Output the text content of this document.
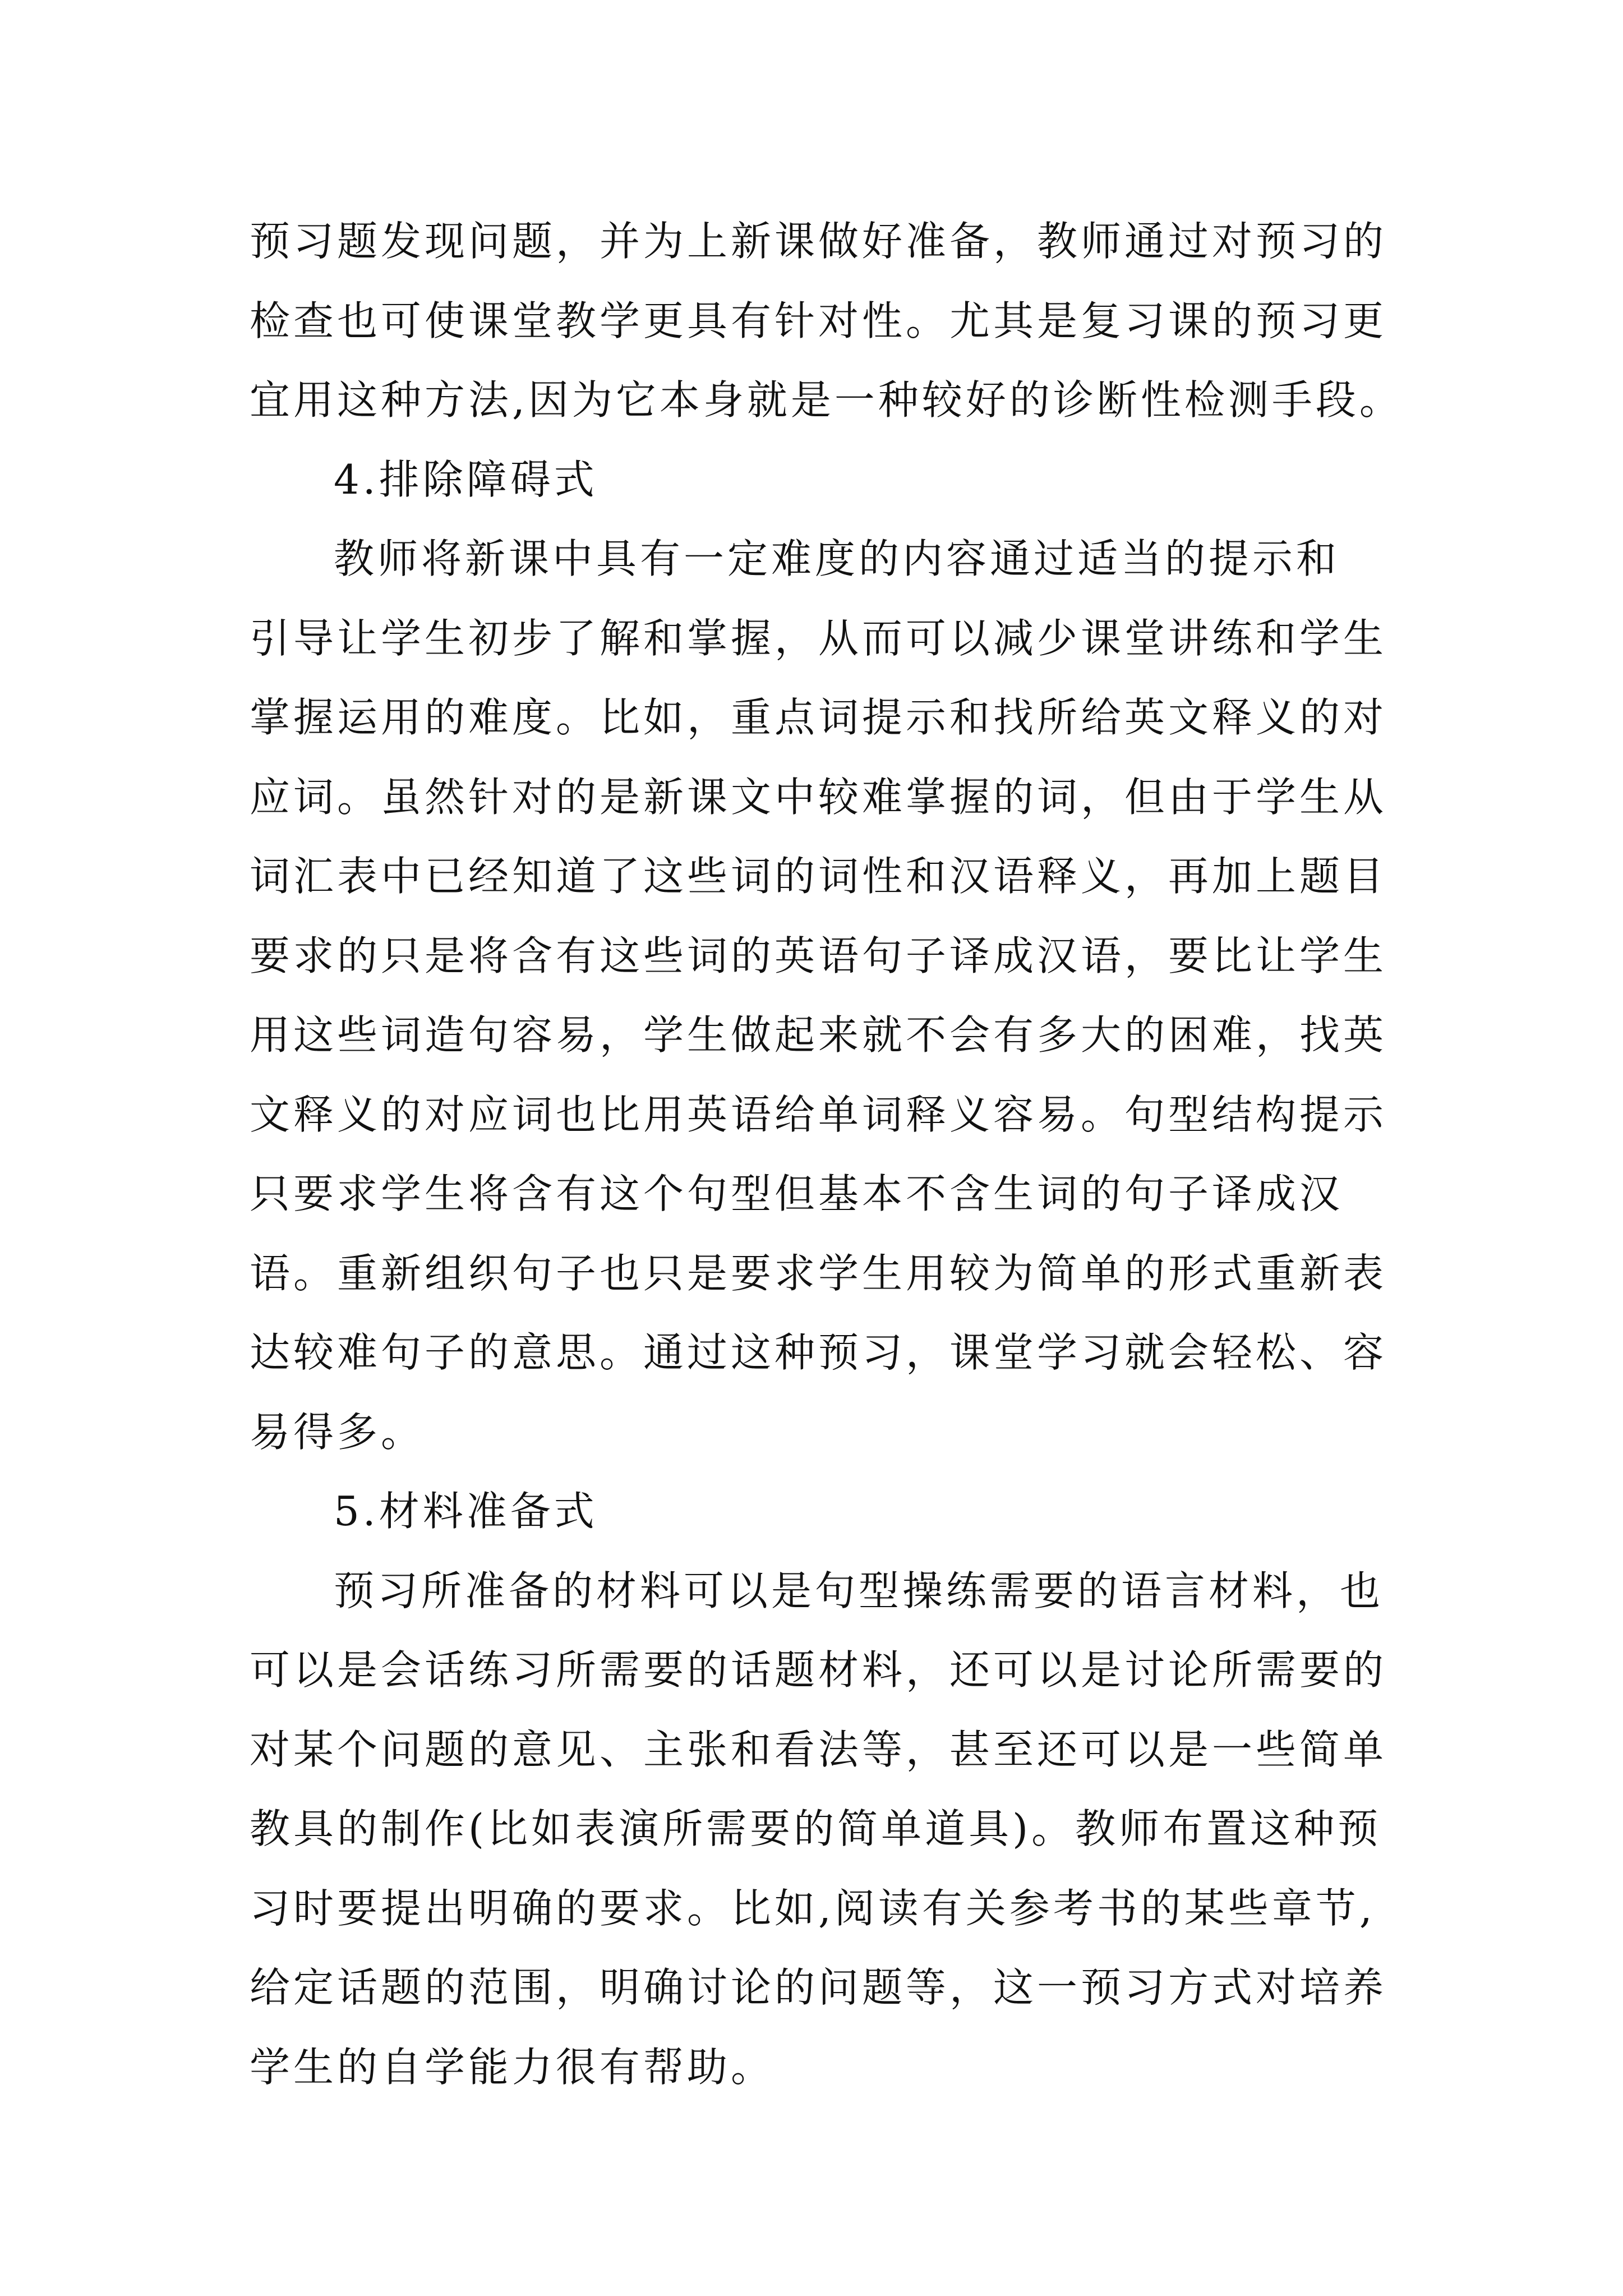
预习题发现问题，并为上新课做好准备，教师通过对预习的
检查也可使课堂教学更具有针对性。尤其是复习课的预习更
宜用这种方法,因为它本身就是一种较好的诊断性检测手段。
4.排除障碍式
教师将新课中具有一定难度的内容通过适当的提示和
引导让学生初步了解和掌握，从而可以减少课堂讲练和学生
掌握运用的难度。比如，重点词提示和找所给英文释义的对
应词。虽然针对的是新课文中较难掌握的词，但由于学生从
词汇表中已经知道了这些词的词性和汉语释义，再加上题目
要求的只是将含有这些词的英语句子译成汉语，要比让学生
用这些词造句容易，学生做起来就不会有多大的困难，找英
文释义的对应词也比用英语给单词释义容易。句型结构提示
只要求学生将含有这个句型但基本不含生词的句子译成汉
语。重新组织句子也只是要求学生用较为简单的形式重新表
达较难句子的意思。通过这种预习，课堂学习就会轻松、容
易得多。
5.材料准备式
预习所准备的材料可以是句型操练需要的语言材料，也
可以是会话练习所需要的话题材料，还可以是讨论所需要的
对某个问题的意见、主张和看法等，甚至还可以是一些简单
教具的制作(比如表演所需要的简单道具)。教师布置这种预
习时要提出明确的要求。比如,阅读有关参考书的某些章节,
给定话题的范围，明确讨论的问题等，这一预习方式对培养
学生的自学能力很有帮助。
